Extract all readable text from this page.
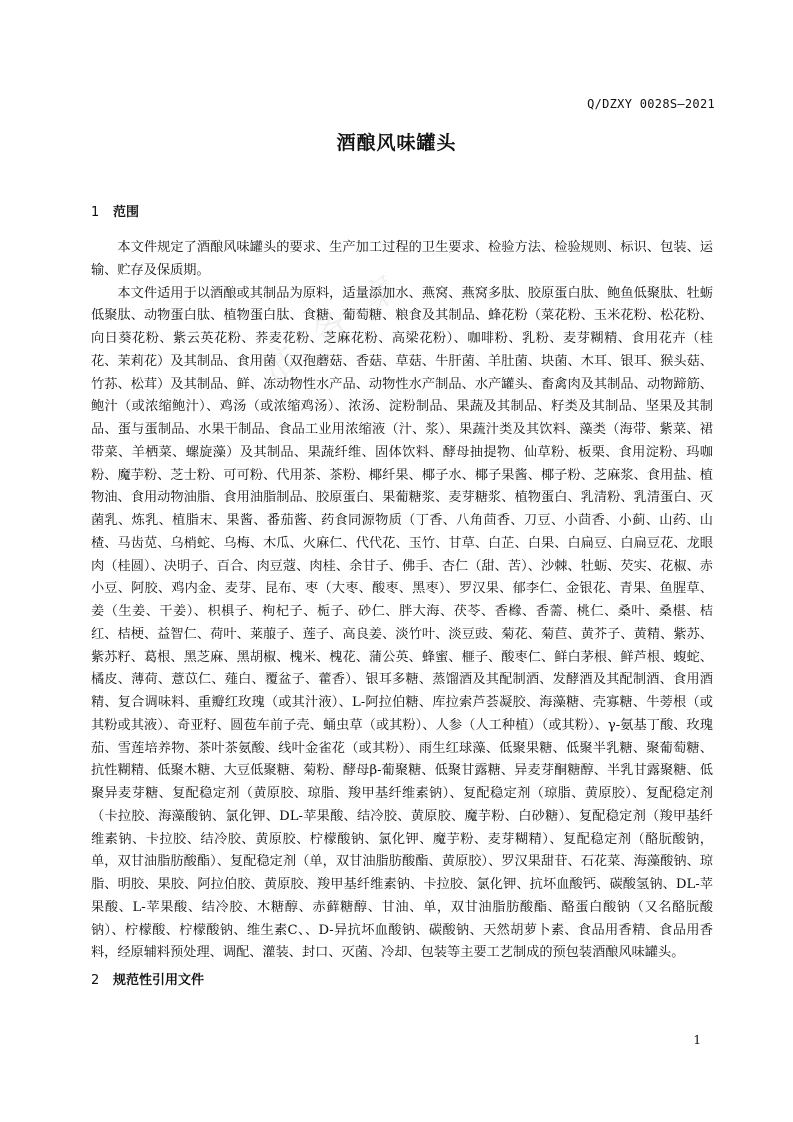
准 备 案
Q/DZXY 0028S—2021
酒酿风味罐头
1 范围

本文件规定了酒酿风味罐头的要求、生产加工过程的卫生要求、检验方法、检验规则、标识、包装、运输、贮存及保质期。

本文件适用于以酒酿或其制品为原料，适量添加水、燕窝、燕窝多肽、胶原蛋白肽、鲍鱼低聚肽、牡蛎低聚肽、动物蛋白肽、植物蛋白肽、食糖、葡萄糖、粮食及其制品、蜂花粉（菜花粉、玉米花粉、松花粉、向日葵花粉、紫云英花粉、荞麦花粉、芝麻花粉、高梁花粉）、咖啡粉、乳粉、麦芽糊精、食用花卉（桂花、茉莉花）及其制品、食用菌（双孢蘑菇、香菇、草菇、牛肝菌、羊肚菌、块菌、木耳、银耳、猴头菇、竹荪、松茸）及其制品、鲜、冻动物性水产品、动物性水产制品、水产罐头、畜禽肉及其制品、动物蹄筋、鲍汁（或浓缩鲍汁）、鸡汤（或浓缩鸡汤）、浓汤、淀粉制品、果蔬及其制品、籽类及其制品、坚果及其制品、蛋与蛋制品、水果干制品、食品工业用浓缩液（汁、浆）、果蔬汁类及其饮料、藻类（海带、紫菜、裙带菜、羊栖菜、螺旋藻）及其制品、果蔬纤维、固体饮料、酵母抽提物、仙草粉、板栗、食用淀粉、玛咖粉、魔芋粉、芝士粉、可可粉、代用茶、茶粉、椰纤果、椰子水、椰子果酱、椰子粉、芝麻浆、食用盐、植物油、食用动物油脂、食用油脂制品、胶原蛋白、果葡糖浆、麦芽糖浆、植物蛋白、乳清粉、乳清蛋白、灭菌乳、炼乳、植脂末、果酱、番茄酱、药食同源物质（丁香、八角茴香、刀豆、小茴香、小蓟、山药、山楂、马齿苋、乌梢蛇、乌梅、木瓜、火麻仁、代代花、玉竹、甘草、白芷、白果、白扁豆、白扁豆花、龙眼肉（桂圆）、决明子、百合、肉豆蔻、肉桂、余甘子、佛手、杏仁（甜、苦）、沙棘、牡蛎、芡实、花椒、赤小豆、阿胶、鸡内金、麦芽、昆布、枣（大枣、酸枣、黑枣）、罗汉果、郁李仁、金银花、青果、鱼腥草、姜（生姜、干姜）、枳椇子、枸杞子、栀子、砂仁、胖大海、茯苓、香橼、香薷、桃仁、桑叶、桑椹、桔红、桔梗、益智仁、荷叶、莱菔子、莲子、高良姜、淡竹叶、淡豆豉、菊花、菊苣、黄芥子、黄精、紫苏、紫苏籽、葛根、黑芝麻、黑胡椒、槐米、槐花、蒲公英、蜂蜜、榧子、酸枣仁、鲜白茅根、鲜芦根、蝮蛇、橘皮、薄荷、薏苡仁、薤白、覆盆子、藿香）、银耳多糖、蒸馏酒及其配制酒、发酵酒及其配制酒、食用酒精、复合调味料、重瓣红玫瑰（或其汁液）、L-阿拉伯糖、库拉索芦荟凝胶、海藻糖、壳寡糖、牛蒡根（或其粉或其液）、奇亚籽、圆苞车前子壳、蛹虫草（或其粉）、人参（人工种植）（或其粉）、γ-氨基丁酸、玫瑰茄、雪莲培养物、茶叶茶氨酸、线叶金雀花（或其粉）、雨生红球藻、低聚果糖、低聚半乳糖、聚葡萄糖、抗性糊精、低聚木糖、大豆低聚糖、菊粉、酵母β-葡聚糖、低聚甘露糖、异麦芽酮糖醇、半乳甘露聚糖、低聚异麦芽糖、复配稳定剂（黄原胶、琼脂、羧甲基纤维素钠）、复配稳定剂（琼脂、黄原胶）、复配稳定剂（卡拉胶、海藻酸钠、氯化钾、DL-苹果酸、结冷胶、黄原胶、魔芋粉、白砂糖）、复配稳定剂（羧甲基纤维素钠、卡拉胶、结冷胶、黄原胶、柠檬酸钠、氯化钾、魔芋粉、麦芽糊精）、复配稳定剂（酪朊酸钠，单，双甘油脂肪酸酯）、复配稳定剂（单，双甘油脂肪酸酯、黄原胶）、罗汉果甜苷、石花菜、海藻酸钠、琼脂、明胶、果胶、阿拉伯胶、黄原胶、羧甲基纤维素钠、卡拉胶、氯化钾、抗坏血酸钙、碳酸氢钠、DL-苹果酸、L-苹果酸、结冷胶、木糖醇、赤藓糖醇、甘油、单，双甘油脂肪酸酯、酪蛋白酸钠（又名酪朊酸钠）、柠檬酸、柠檬酸钠、维生素C、、D-异抗坏血酸钠、碳酸钠、天然胡萝卜素、食品用香精、食品用香料，经原辅料预处理、调配、灌装、封口、灭菌、冷却、包装等主要工艺制成的预包装酒酿风味罐头。

2 规范性引用文件
1
